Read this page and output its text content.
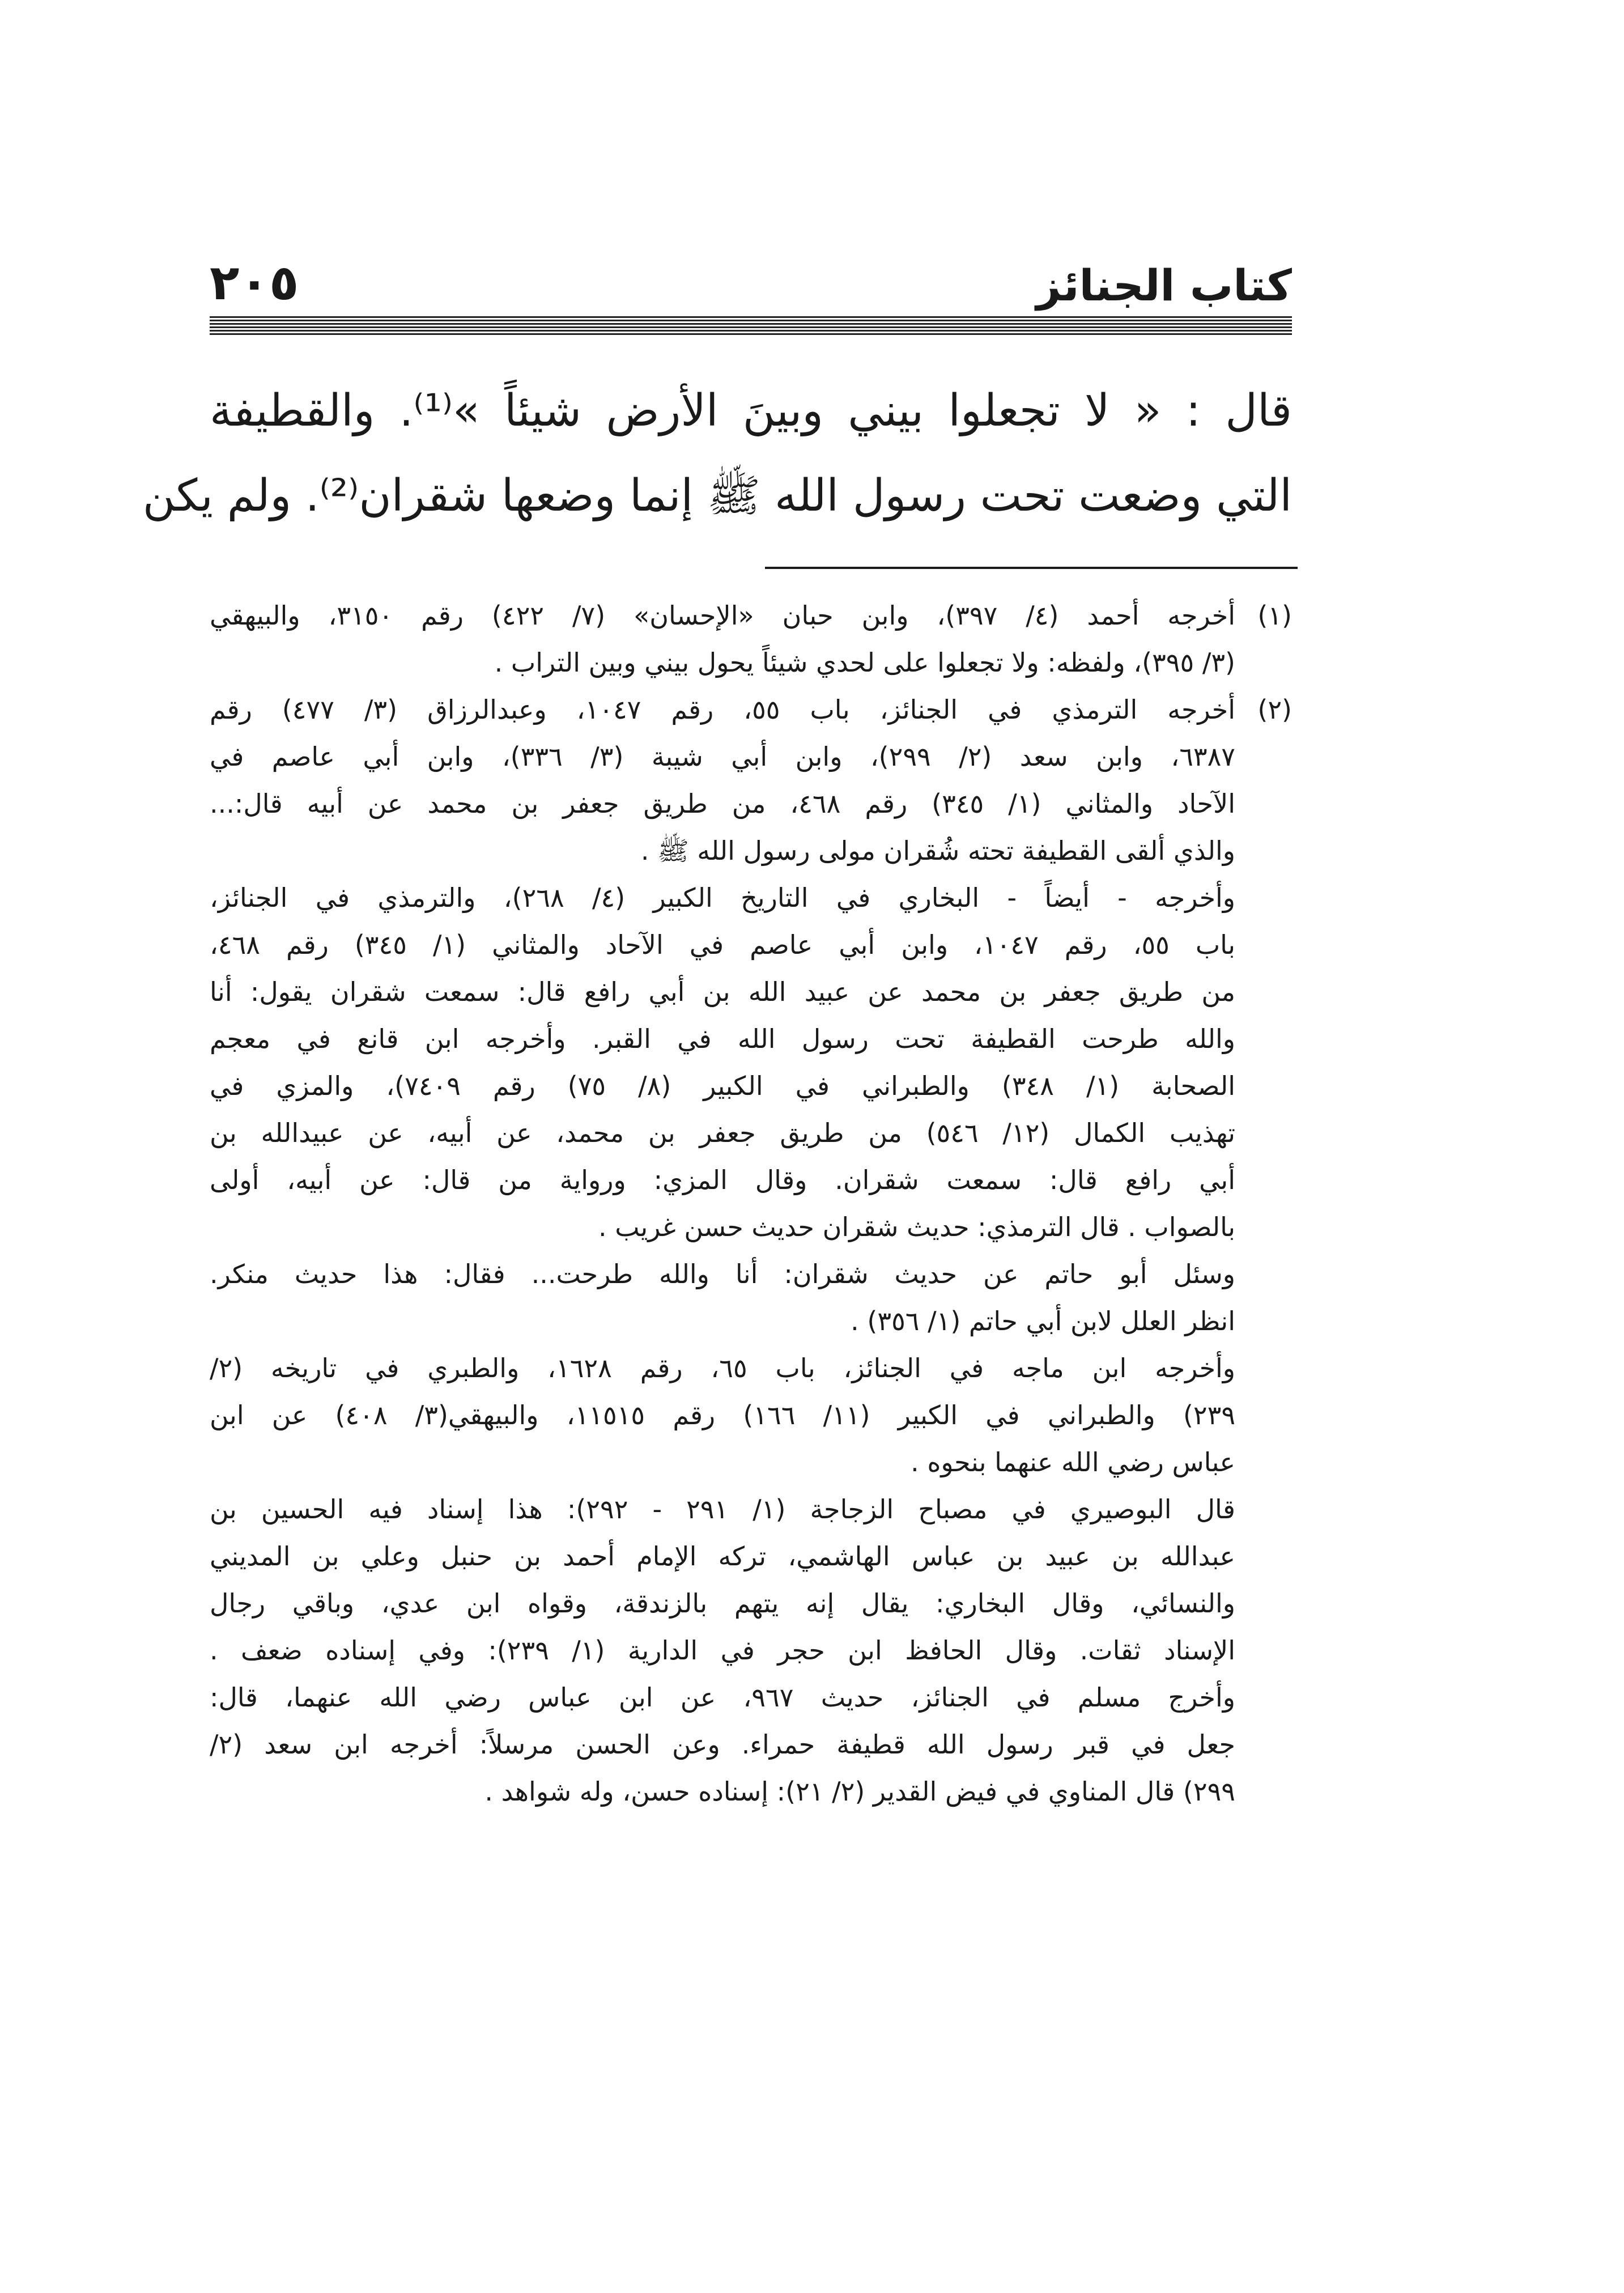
٢٠٥	كتاب الجنائز
قال : « لا تجعلوا بيني وبينَ الأرض شيئاً »⁽¹⁾. والقطيفة
التي وضعت تحت رسول الله ﷺ إنما وضعها شقران⁽²⁾. ولم يكن
(١)
أخرجه أحمد (٤/ ٣٩٧)، وابن حبان «الإحسان» (٧/ ٤٢٢) رقم ٣١٥٠، والبيهقي
(٣/ ٣٩٥)، ولفظه: ولا تجعلوا على لحدي شيئاً يحول بيني وبين التراب .
(٢)
أخرجه الترمذي في الجنائز، باب ٥٥، رقم ١٠٤٧، وعبدالرزاق (٣/ ٤٧٧) رقم
٦٣٨٧، وابن سعد (٢/ ٢٩٩)، وابن أبي شيبة (٣/ ٣٣٦)، وابن أبي عاصم في
الآحاد والمثاني (١/ ٣٤٥) رقم ٤٦٨، من طريق جعفر بن محمد عن أبيه قال:...
والذي ألقى القطيفة تحته شُقران مولى رسول الله ﷺ .
وأخرجه - أيضاً - البخاري في التاريخ الكبير (٤/ ٢٦٨)، والترمذي في الجنائز،
باب ٥٥، رقم ١٠٤٧، وابن أبي عاصم في الآحاد والمثاني (١/ ٣٤٥) رقم ٤٦٨،
من طريق جعفر بن محمد عن عبيد الله بن أبي رافع قال: سمعت شقران يقول: أنا
والله طرحت القطيفة تحت رسول الله في القبر. وأخرجه ابن قانع في معجم
الصحابة (١/ ٣٤٨) والطبراني في الكبير (٨/ ٧٥) رقم ٧٤٠٩)، والمزي في
تهذيب الكمال (١٢/ ٥٤٦) من طريق جعفر بن محمد، عن أبيه، عن عبيدالله بن
أبي رافع قال: سمعت شقران. وقال المزي: ورواية من قال: عن أبيه، أولى
بالصواب . قال الترمذي: حديث شقران حديث حسن غريب .
وسئل أبو حاتم عن حديث شقران: أنا والله طرحت... فقال: هذا حديث منكر.
انظر العلل لابن أبي حاتم (١/ ٣٥٦) .
وأخرجه ابن ماجه في الجنائز، باب ٦٥، رقم ١٦٢٨، والطبري في تاريخه (٢/
٢٣٩) والطبراني في الكبير (١١/ ١٦٦) رقم ١١٥١٥، والبيهقي(٣/ ٤٠٨) عن ابن
عباس رضي الله عنهما بنحوه .
قال البوصيري في مصباح الزجاجة (١/ ٢٩١ - ٢٩٢): هذا إسناد فيه الحسين بن
عبدالله بن عبيد بن عباس الهاشمي، تركه الإمام أحمد بن حنبل وعلي بن المديني
والنسائي، وقال البخاري: يقال إنه يتهم بالزندقة، وقواه ابن عدي، وباقي رجال
الإسناد ثقات. وقال الحافظ ابن حجر في الدارية (١/ ٢٣٩): وفي إسناده ضعف .
وأخرج مسلم في الجنائز، حديث ٩٦٧، عن ابن عباس رضي الله عنهما، قال:
جعل في قبر رسول الله قطيفة حمراء. وعن الحسن مرسلاً: أخرجه ابن سعد (٢/
٢٩٩) قال المناوي في فيض القدير (٢/ ٢١): إسناده حسن، وله شواهد .
